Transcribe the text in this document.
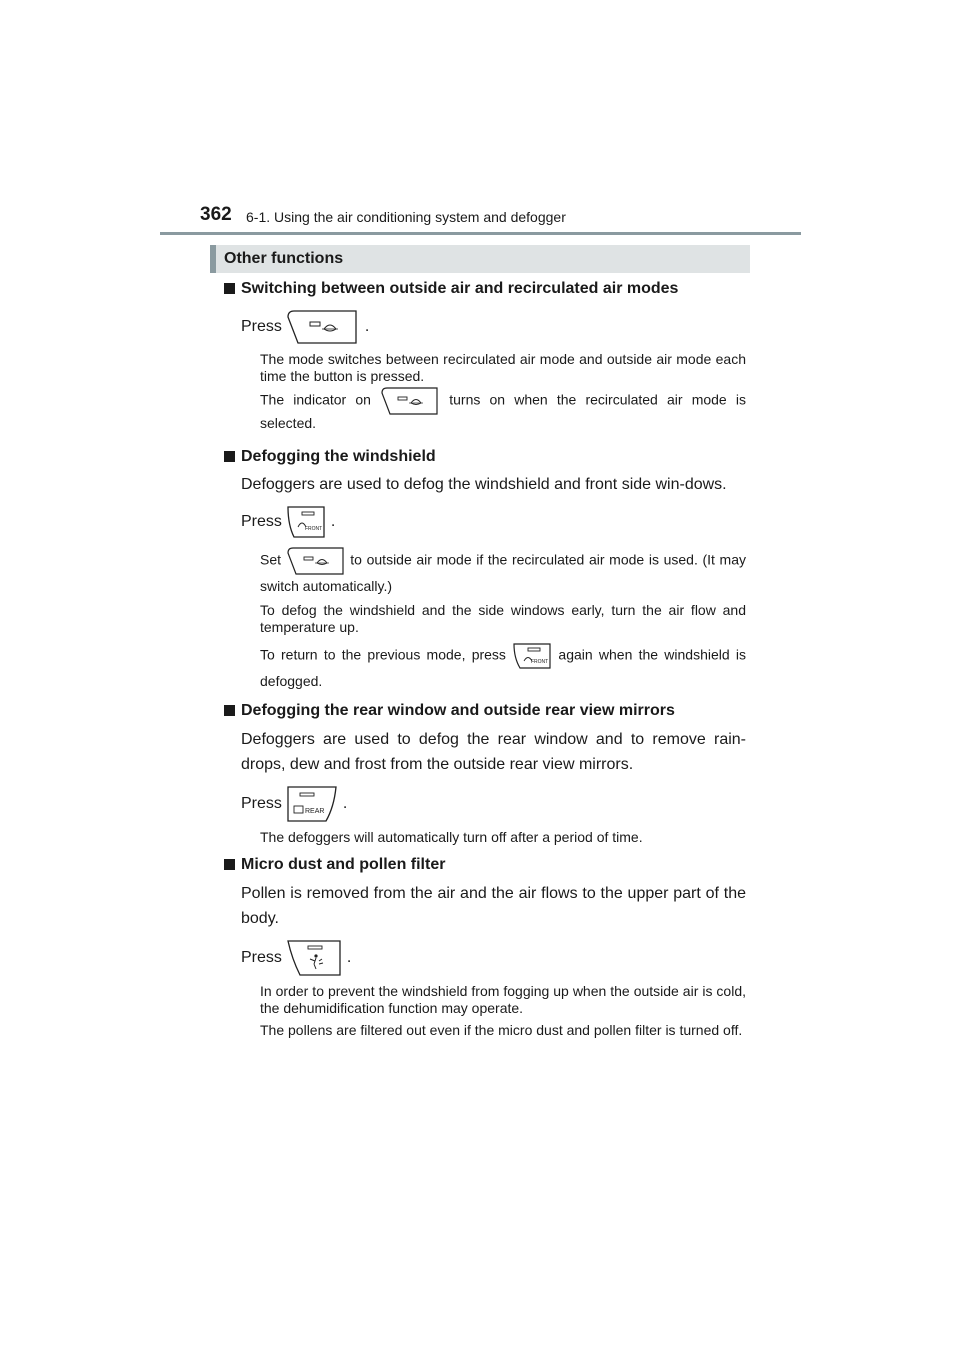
362 6-1. Using the air conditioning system and defogger
Other functions
Switching between outside air and recirculated air modes

Press	.

The mode switches between recirculated air mode and outside air mode each time the button is pressed.

The indicator on	turns on when the recirculated air mode is selected.

Defogging the windshield

Defoggers are used to defog the windshield and front side win-dows.

Press	FRONT .

Set	to outside air mode if the recirculated air mode is used. (It may switch automatically.)

To defog the windshield and the side windows early, turn the air flow and temperature up.

To return to the previous mode, press	FRONT again when the windshield is defogged.

Defogging the rear window and outside rear view mirrors

Defoggers are used to defog the rear window and to remove rain-drops, dew and frost from the outside rear view mirrors.

Press	REAR .

The defoggers will automatically turn off after a period of time.

Micro dust and pollen filter

Pollen is removed from the air and the air flows to the upper part of the body.

Press	.

In order to prevent the windshield from fogging up when the outside air is cold, the dehumidification function may operate.

The pollens are filtered out even if the micro dust and pollen filter is turned off.
